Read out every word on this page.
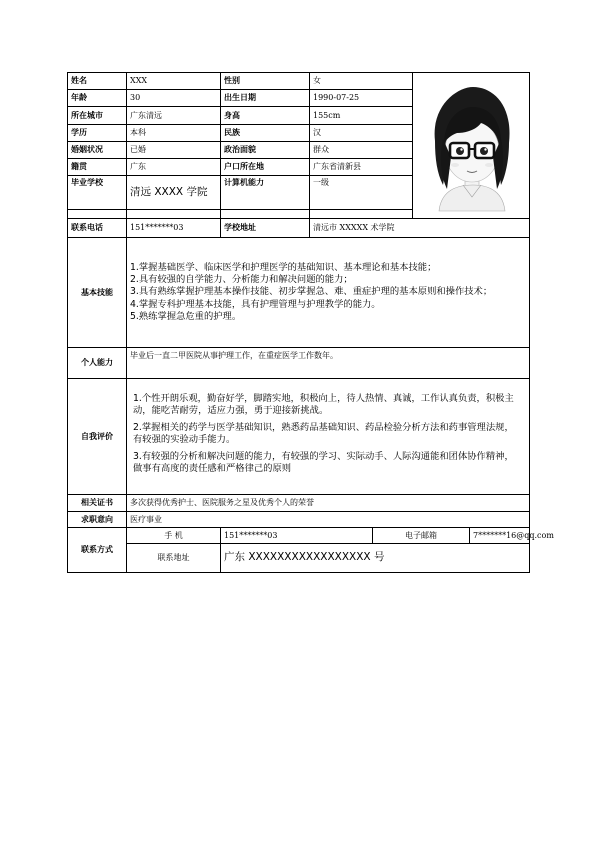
姓名	XXX	性别	女	

年龄	30	出生日期	1990-07-25			
所在城市	广东清远	身高	155cm			
学历	本科	民族	汉			
婚姻状况	已婚	政治面貌	群众			
籍贯	广东	户口所在地	广东省清新县			
毕业学校	清远 XXXX 学院	计算机能力	一级			

联系电话	151*******03	学校地址	清远市 XXXXX 术学院			
基本技能	1.掌握基础医学、临床医学和护理医学的基础知识、基本理论和基本技能；
2.具有较强的自学能力、分析能力和解决问题的能力；
3.具有熟练掌握护理基本操作技能、初步掌握急、难、重症护理的基本原则和操作技术；
4.掌握专科护理基本技能，具有护理管理与护理教学的能力。
5.熟练掌握急危重的护理。					

个人能力	毕业后一直二甲医院从事护理工作，在重症医学工作数年。					
自我评价	1.个性开朗乐观，勤奋好学，脚踏实地，积极向上，待人热情、真诚，工作认真负责，积极主动，能吃苦耐劳，适应力强，勇于迎接新挑战。
2.掌握相关的药学与医学基础知识，熟悉药品基础知识、药品检验分析方法和药事管理法规，有较强的实验动手能力。
3.有较强的分析和解决问题的能力，有较强的学习、实际动手、人际沟通能和团体协作精神，做事有高度的责任感和严格律己的原则					

相关证书	多次获得优秀护士、医院服务之星及优秀个人的荣誉					
求职意向	医疗事业					
联系方式	手 机	151*******03		电子邮箱		7*******16@qq.com
	联系地址	广东 XXXXXXXXXXXXXXXXX 号				
